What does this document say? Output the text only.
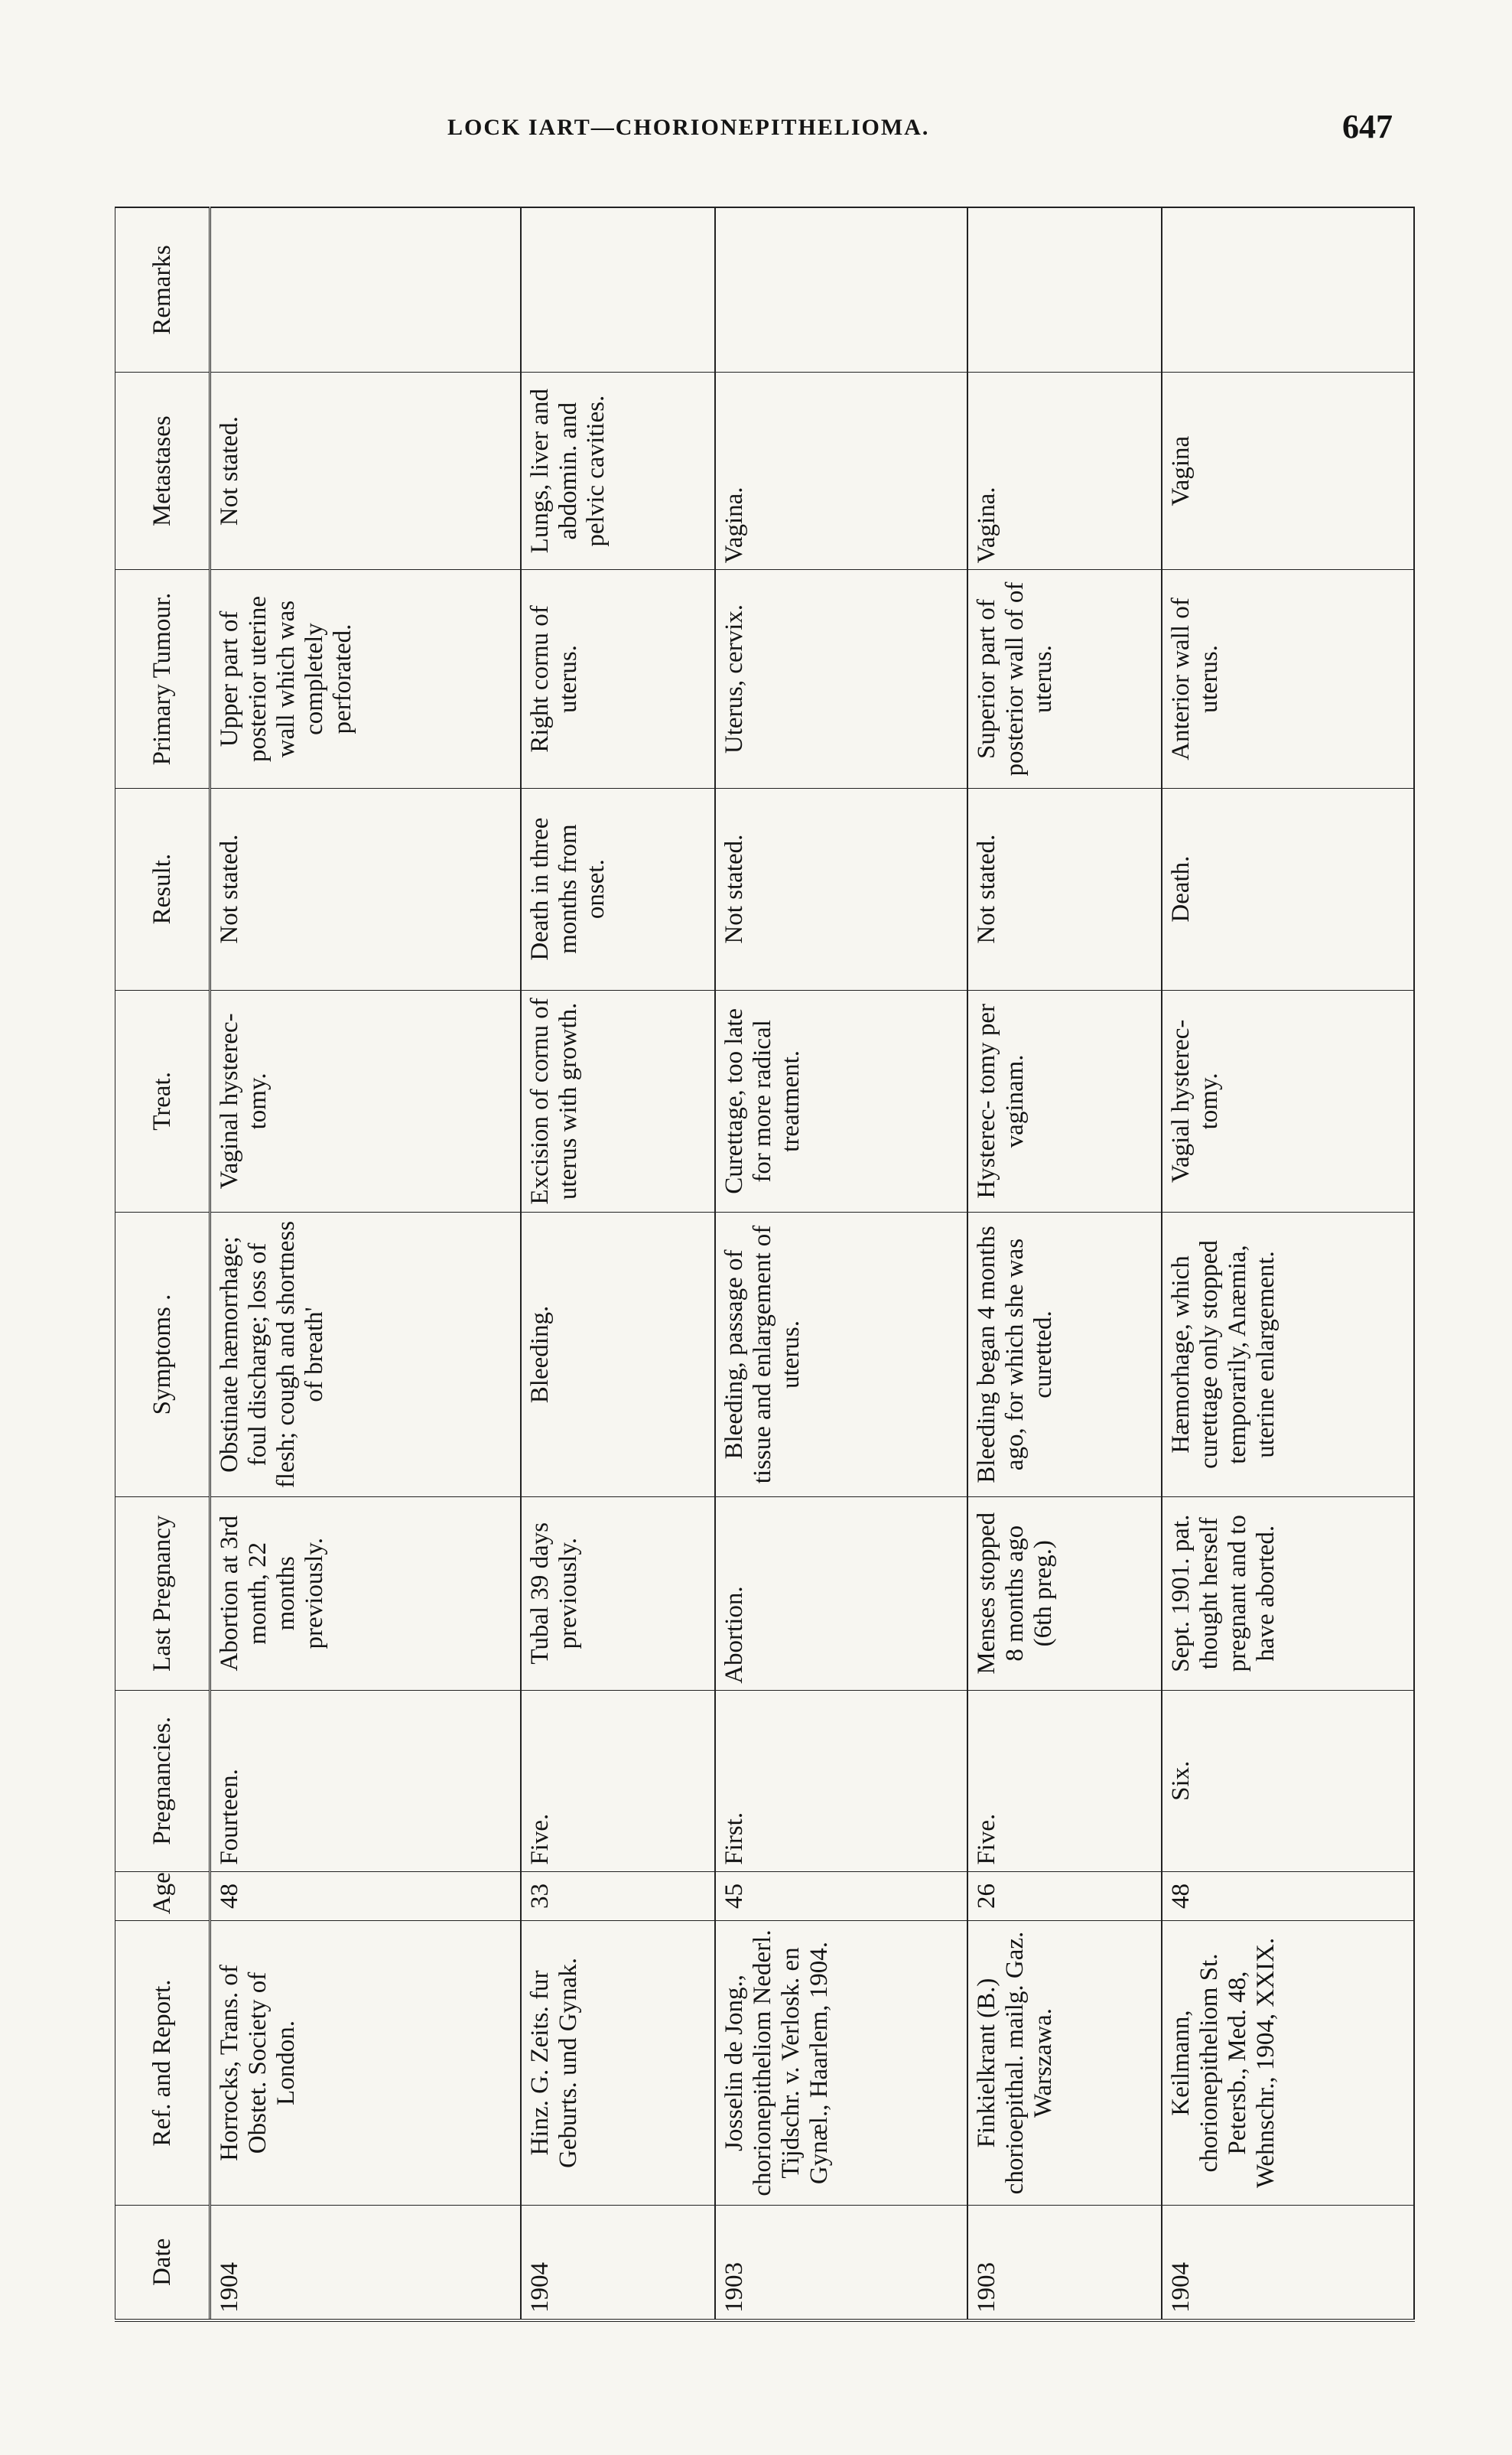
LOCK IART—CHORIONEPITHELIOMA.	647
Date	Ref. and Report.	Age	Pregnancies.	Last Pregnancy	Symptoms .	Treat.	Result.	Primary Tumour.	Metastases	Remarks
1904	Horrocks, Trans. of Obstet. Society of London.	48	Fourteen.	Abortion at 3rd month, 22 months previously.	Obstinate hæmorrhage; foul discharge; loss of flesh; cough and shortness of breath'	Vaginal hysterec- tomy.	Not stated.	Upper part of posterior uterine wall which was completely perforated.	Not stated.	
1904	Hinz. G. Zeits. fur Geburts. und Gynak.	33	Five.	Tubal 39 days previously.	Bleeding.	Excision of cornu of uterus with growth.	Death in three months from onset.	Right cornu of uterus.	Lungs, liver and abdomin. and pelvic cavities.	
1903	Josselin de Jong., chorionepitheliom Nederl. Tijdschr. v. Verlosk. en Gynæl., Haarlem, 1904.	45	First.	Abortion.	Bleeding, passage of tissue and enlargement of uterus.	Curettage, too late for more radical treatment.	Not stated.	Uterus, cervix.	Vagina.	
1903	Finkielkrant (B.) chorioepithal. mailg. Gaz. Warszawa.	26	Five.	Menses stopped 8 months ago (6th preg.)	Bleeding began 4 months ago, for which she was curetted.	Hysterec- tomy per vaginam.	Not stated.	Superior part of posterior wall of of uterus.	Vagina.	
1904	Keilmann, chorionepitheliom St. Petersb., Med. 48, Wehnschr., 1904, XXIX.	48	Six.	Sept. 1901. pat. thought herself pregnant and to have aborted.	Hæmorhage, which curettage only stopped temporarily, Anæmia, uterine enlargement.	Vagial hysterec- tomy.	Death.	Anterior wall of uterus.	Vagina	
